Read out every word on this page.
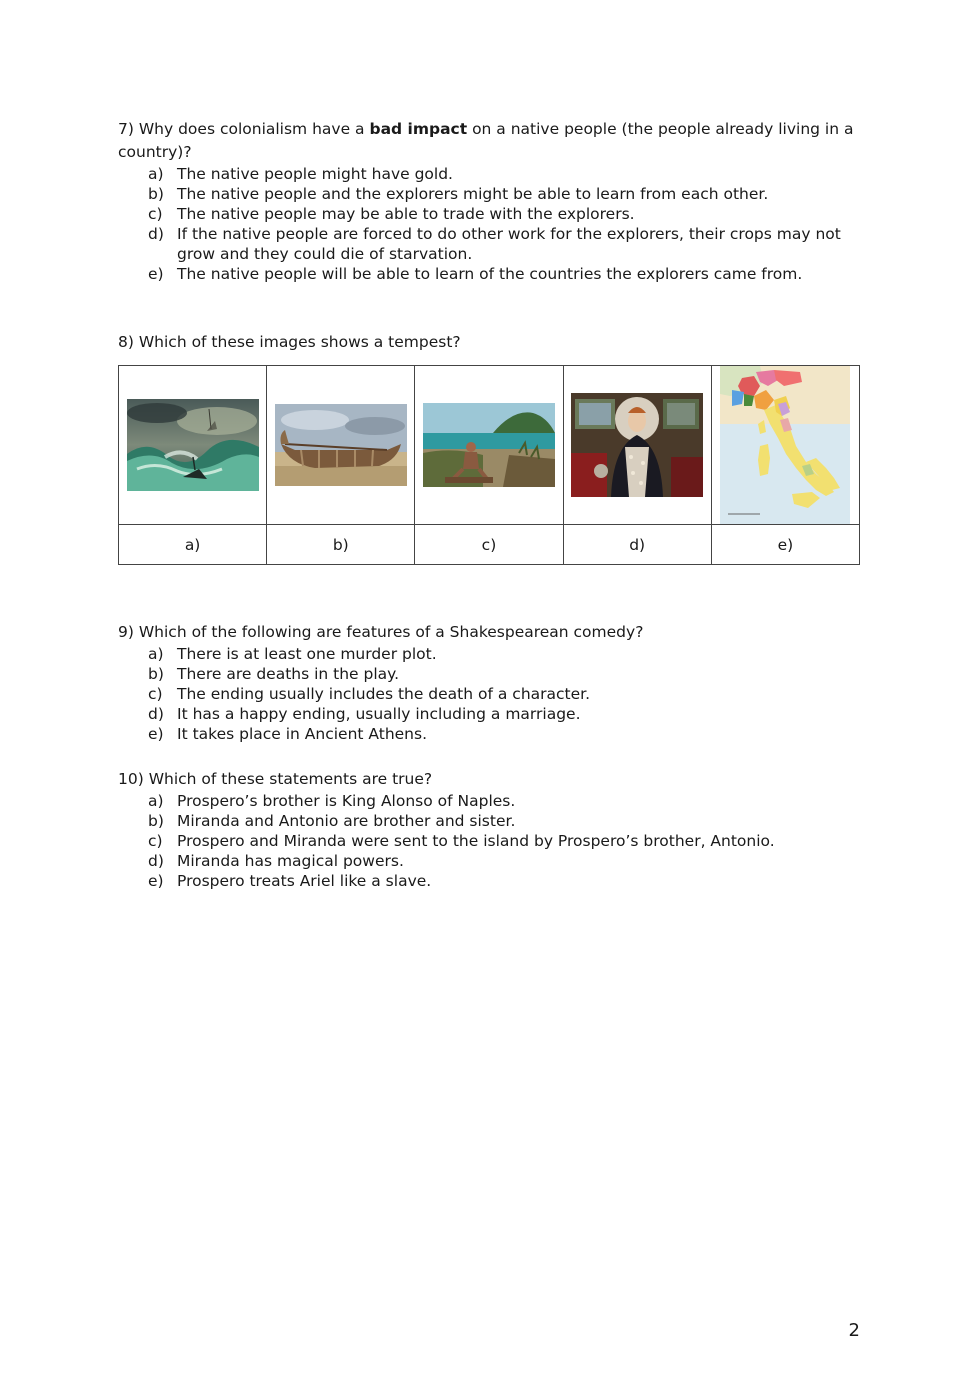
7) Why does colonialism have a bad impact on a native people (the people already living in a country)?

a) The native people might have gold.
b) The native people and the explorers might be able to learn from each other.
c) The native people may be able to trade with the explorers.
d) If the native people are forced to do other work for the explorers, their crops may not grow and they could die of starvation.
e) The native people will be able to learn of the countries the explorers came from.

8) Which of these images shows a tempest?

a)	b)	c)	d)	e)

9) Which of the following are features of a Shakespearean comedy?

a) There is at least one murder plot.
b) There are deaths in the play.
c) The ending usually includes the death of a character.
d) It has a happy ending, usually including a marriage.
e) It takes place in Ancient Athens.

10) Which of these statements are true?

a) Prospero’s brother is King Alonso of Naples.
b) Miranda and Antonio are brother and sister.
c) Prospero and Miranda were sent to the island by Prospero’s brother, Antonio.
d) Miranda has magical powers.
e) Prospero treats Ariel like a slave.
2
